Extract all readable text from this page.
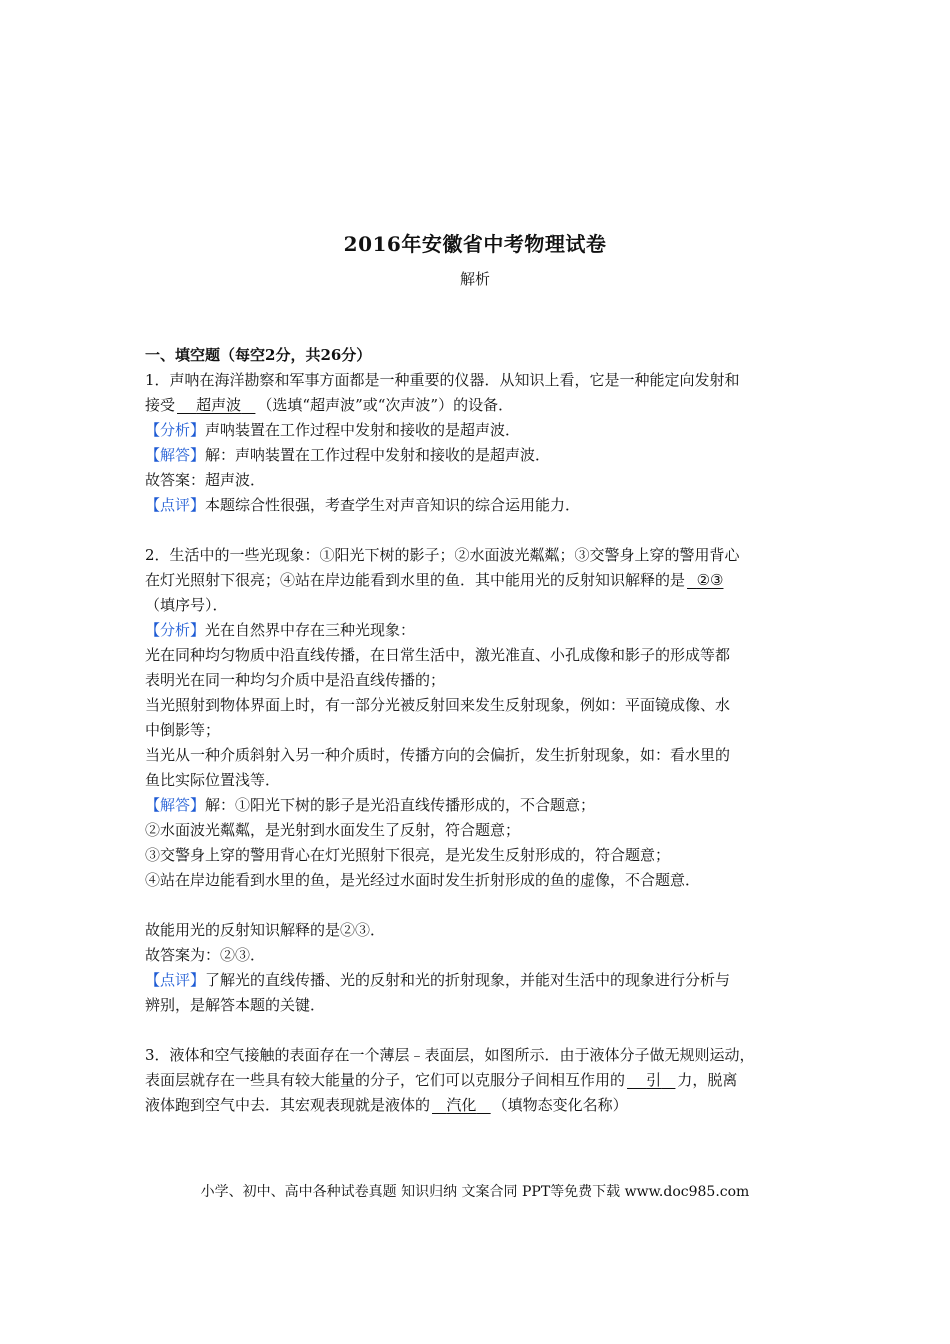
2016年安徽省中考物理试卷
解析
一、填空题（每空2分，共26分）
1．声呐在海洋勘察和军事方面都是一种重要的仪器．从知识上看，它是一种能定向发射和
接受 超声波 （选填“超声波”或“次声波”）的设备．
【分析】声呐装置在工作过程中发射和接收的是超声波．
【解答】解：声呐装置在工作过程中发射和接收的是超声波．
故答案：超声波．
【点评】本题综合性很强，考查学生对声音知识的综合运用能力．
2．生活中的一些光现象：①阳光下树的影子；②水面波光粼粼；③交警身上穿的警用背心
在灯光照射下很亮；④站在岸边能看到水里的鱼．其中能用光的反射知识解释的是 ②③
（填序号）．
【分析】光在自然界中存在三种光现象：
光在同种均匀物质中沿直线传播，在日常生活中，激光准直、小孔成像和影子的形成等都
表明光在同一种均匀介质中是沿直线传播的；
当光照射到物体界面上时，有一部分光被反射回来发生反射现象，例如：平面镜成像、水
中倒影等；
当光从一种介质斜射入另一种介质时，传播方向的会偏折，发生折射现象，如：看水里的
鱼比实际位置浅等．
【解答】解：①阳光下树的影子是光沿直线传播形成的，不合题意；
②水面波光粼粼，是光射到水面发生了反射，符合题意；
③交警身上穿的警用背心在灯光照射下很亮，是光发生反射形成的，符合题意；
④站在岸边能看到水里的鱼，是光经过水面时发生折射形成的鱼的虚像，不合题意．
故能用光的反射知识解释的是②③．
故答案为：②③．
【点评】了解光的直线传播、光的反射和光的折射现象，并能对生活中的现象进行分析与
辨别，是解答本题的关键．
3．液体和空气接触的表面存在一个薄层﹣表面层，如图所示．由于液体分子做无规则运动，
表面层就存在一些具有较大能量的分子，它们可以克服分子间相互作用的 引 力，脱离
液体跑到空气中去．其宏观表现就是液体的 汽化 （填物态变化名称）
小学、初中、高中各种试卷真题 知识归纳 文案合同 PPT等免费下载 www.doc985.com
